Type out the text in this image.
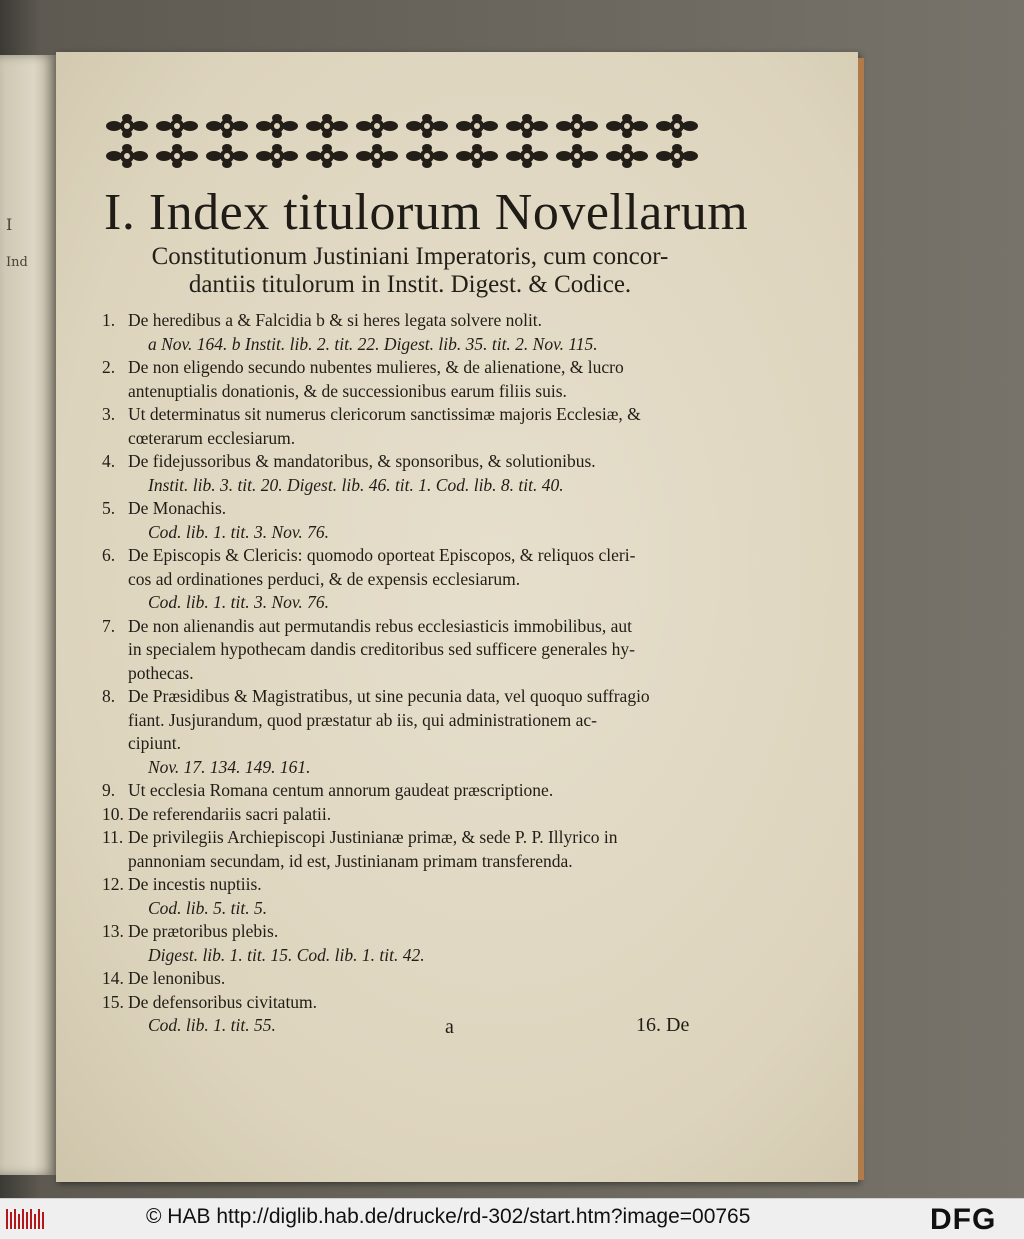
I
Ind
I. Index titulorum Novellarum
Constitutionum Justiniani Imperatoris, cum concor-
dantiis titulorum in Instit. Digest. & Codice.
1. De heredibus a & Falcidia b & si heres legata solvere nolit.
a Nov. 164. b Instit. lib. 2. tit. 22. Digest. lib. 35. tit. 2. Nov. 115.
2. De non eligendo secundo nubentes mulieres, & de alienatione, & lucro
antenuptialis donationis, & de successionibus earum filiis suis.
3. Ut determinatus sit numerus clericorum sanctissimæ majoris Ecclesiæ, &
cœterarum ecclesiarum.
4. De fidejussoribus & mandatoribus, & sponsoribus, & solutionibus.
Instit. lib. 3. tit. 20. Digest. lib. 46. tit. 1. Cod. lib. 8. tit. 40.
5. De Monachis.
Cod. lib. 1. tit. 3. Nov. 76.
6. De Episcopis & Clericis: quomodo oporteat Episcopos, & reliquos cleri-
cos ad ordinationes perduci, & de expensis ecclesiarum.
Cod. lib. 1. tit. 3. Nov. 76.
7. De non alienandis aut permutandis rebus ecclesiasticis immobilibus, aut
in specialem hypothecam dandis creditoribus sed sufficere generales hy-
pothecas.
8. De Præsidibus & Magistratibus, ut sine pecunia data, vel quoquo suffragio
fiant. Jusjurandum, quod præstatur ab iis, qui administrationem ac-
cipiunt.
Nov. 17. 134. 149. 161.
9. Ut ecclesia Romana centum annorum gaudeat præscriptione.
10. De referendariis sacri palatii.
11. De privilegiis Archiepiscopi Justinianæ primæ, & sede P. P. Illyrico in
pannoniam secundam, id est, Justinianam primam transferenda.
12. De incestis nuptiis.
Cod. lib. 5. tit. 5.
13. De prætoribus plebis.
Digest. lib. 1. tit. 15. Cod. lib. 1. tit. 42.
14. De lenonibus.
15. De defensoribus civitatum.
Cod. lib. 1. tit. 55.	a	16. De
© HAB http://diglib.hab.de/drucke/rd-302/start.htm?image=00765	DFG
